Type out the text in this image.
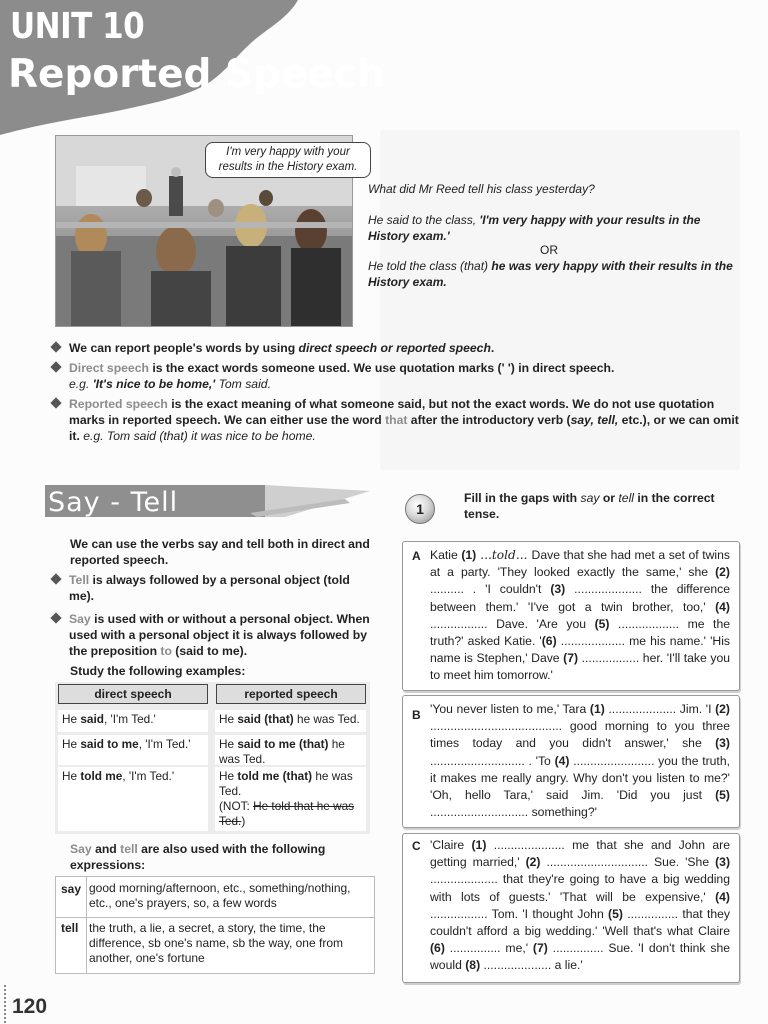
UNIT 10
Reported Speech
I'm very happy with your results in the History exam.
What did Mr Reed tell his class yesterday?
He said to the class, 'I'm very happy with your results in the History exam.'
OR
He told the class (that) he was very happy with their results in the History exam.
We can report people's words by using direct speech or reported speech.
Direct speech is the exact words someone used. We use quotation marks (' ') in direct speech.
e.g. 'It's nice to be home,' Tom said.
Reported speech is the exact meaning of what someone said, but not the exact words. We do not use quotation marks in reported speech. We can either use the word that after the introductory verb (say, tell, etc.), or we can omit it. e.g. Tom said (that) it was nice to be home.
Say - Tell
We can use the verbs say and tell both in direct and reported speech.
Tell is always followed by a personal object (told me).
Say is used with or without a personal object. When used with a personal object it is always followed by the preposition to (said to me).
Study the following examples:
direct speech	reported speech
He said, 'I'm Ted.'	He said (that) he was Ted.
He said to me, 'I'm Ted.'	He said to me (that) he was Ted.
He told me, 'I'm Ted.'	He told me (that) he was Ted.
(NOT: He told that he was Ted.)
Say and tell are also used with the following expressions:
say good morning/afternoon, etc., something/nothing, etc., one's prayers, so, a few words
tell the truth, a lie, a secret, a story, the time, the difference, sb one's name, sb the way, one from another, one's fortune
1
Fill in the gaps with say or tell in the correct tense.
A Katie (1) ...told... Dave that she had met a set of twins at a party. 'They looked exactly the same,' she (2) .......... . 'I couldn't (3) .................... the difference between them.' 'I've got a twin brother, too,' (4) ................. Dave. 'Are you (5) .................. me the truth?' asked Katie. '(6) ................... me his name.' 'His name is Stephen,' Dave (7) ................. her. 'I'll take you to meet him tomorrow.'
B 'You never listen to me,' Tara (1) .................... Jim. 'I (2) ....................................... good morning to you three times today and you didn't answer,' she (3) ............................ . 'To (4) ........................ you the truth, it makes me really angry. Why don't you listen to me?' 'Oh, hello Tara,' said Jim. 'Did you just (5) ............................. something?'
C 'Claire (1) ..................... me that she and John are getting married,' (2) .............................. Sue. 'She (3) .................... that they're going to have a big wedding with lots of guests.' 'That will be expensive,' (4) ................. Tom. 'I thought John (5) ............... that they couldn't afford a big wedding.' 'Well that's what Claire (6) ............... me,' (7) ............... Sue. 'I don't think she would (8) .................... a lie.'
120
